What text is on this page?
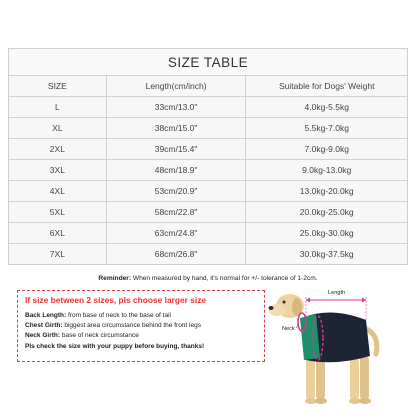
SIZE TABLE		
SIZE	Length(cm/inch)	Suitable for Dogs' Weight
L	33cm/13.0"	4.0kg-5.5kg
XL	38cm/15.0"	5.5kg-7.0kg
2XL	39cm/15.4"	7.0kg-9.0kg
3XL	48cm/18.9"	9.0kg-13.0kg
4XL	53cm/20.9"	13.0kg-20.0kg
5XL	58cm/22.8"	20.0kg-25.0kg
6XL	63cm/24.8"	25.0kg-30.0kg
7XL	68cm/26.8"	30.0kg-37.5kg
Reminder: When measured by hand, it's normal for +/- tolerance of 1-2cm.
If size between 2 sizes, pls choose larger size
Back Length: from base of neck to the base of tail
Chest Girth: biggest area circumstance behind the front legs
Neck Girth: base of neck circumstance
Pls check the size with your puppy before buying, thanks!
Length
Neck
Chest
